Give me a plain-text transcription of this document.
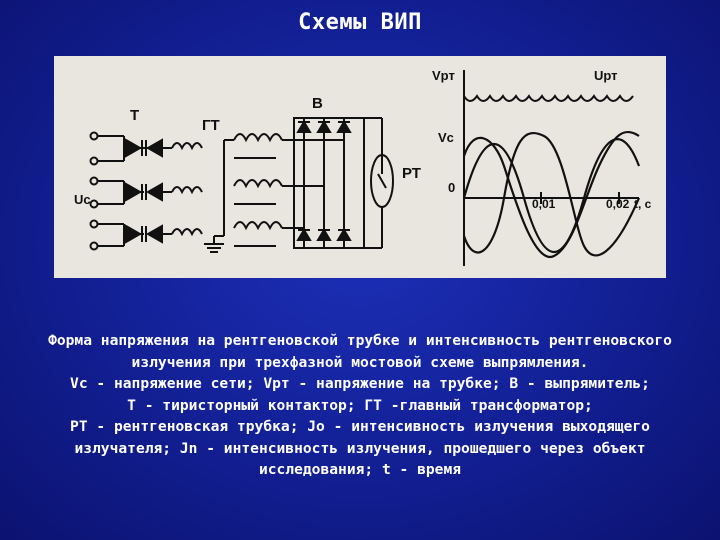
Схемы ВИП
Т
ГТ
В
РТ
Uc
Vрт	Uрт
Vc
0
0,01	0,02 t, c
Форма напряжения на рентгеновской трубке и интенсивность рентгеновского
излучения при трехфазной мостовой схеме выпрямления.
Vc - напряжение сети; Vрт - напряжение на трубке; В - выпрямитель;
Т - тиристорный контактор; ГТ -главный трансформатор;
РТ - рентгеновская трубка; Jo - интенсивность излучения выходящего
излучателя; Jn - интенсивность излучения, прошедшего через объект
исследования; t - время
